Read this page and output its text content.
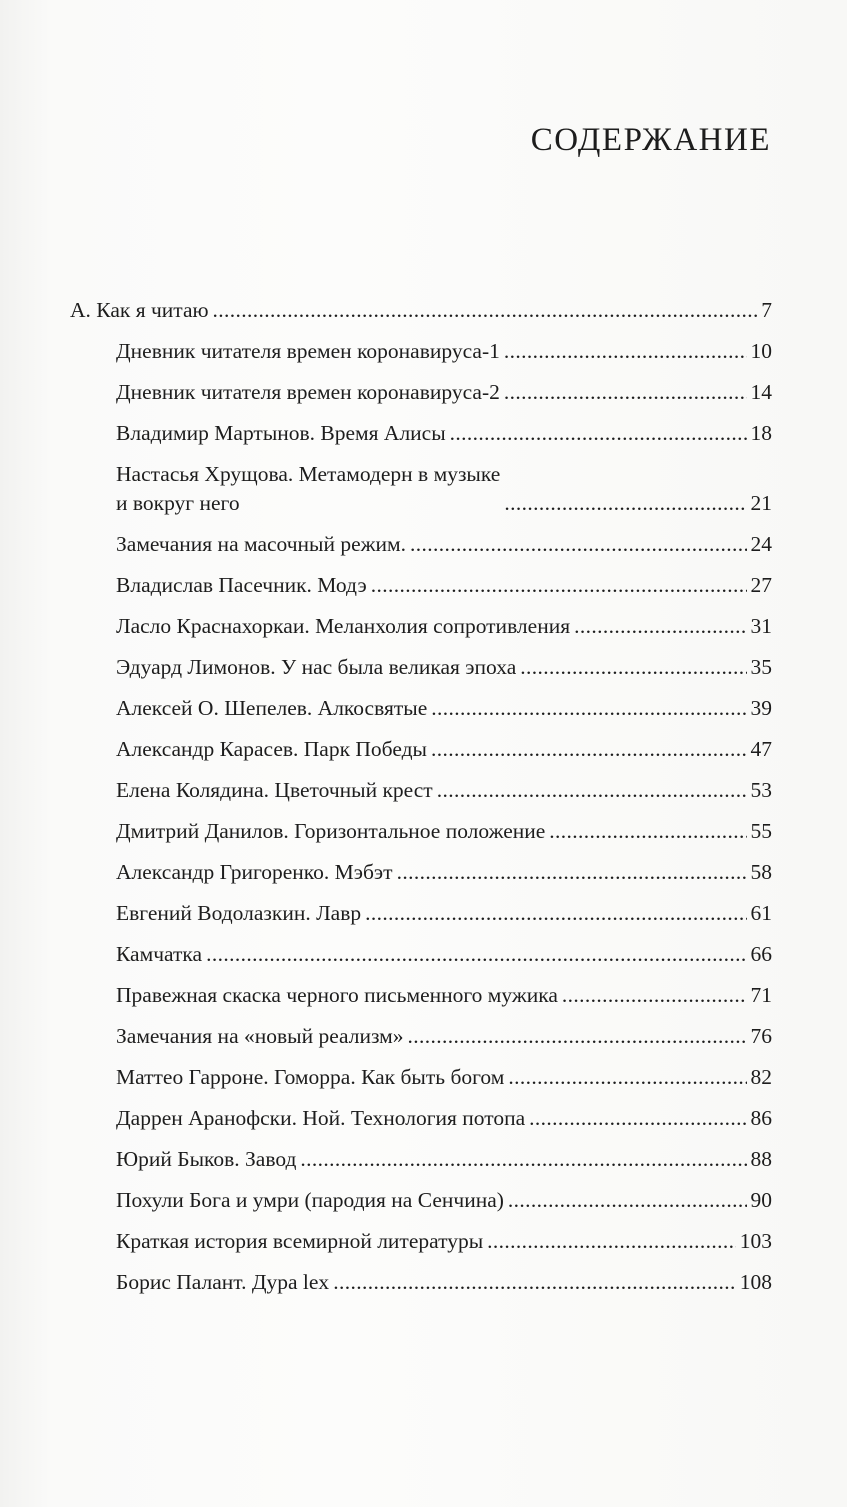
СОДЕРЖАНИЕ
А. Как я читаю . . .	7
Дневник читателя времен коронавируса-1 . . .	10
Дневник читателя времен коронавируса-2 . . .	14
Владимир Мартынов. Время Алисы . . .	18
Настасья Хрущова. Метамодерн в музыке
и вокруг него . . .	21
Замечания на масочный режим. . . .	24
Владислав Пасечник. Модэ . . .	27
Ласло Краснахоркаи. Меланхолия сопротивления . . .	31
Эдуард Лимонов. У нас была великая эпоха . . .	35
Алексей О. Шепелев. Алкосвятые . . .	39
Александр Карасев. Парк Победы . . .	47
Елена Колядина. Цветочный крест . . .	53
Дмитрий Данилов. Горизонтальное положение . . .	55
Александр Григоренко. Мэбэт . . .	58
Евгений Водолазкин. Лавр . . .	61
Камчатка . . .	66
Правежная скаска черного письменного мужика . . .	71
Замечания на «новый реализм» . . .	76
Маттео Гарроне. Гоморра. Как быть богом . . .	82
Даррен Аранофски. Ной. Технология потопа . . .	86
Юрий Быков. Завод . . .	88
Похули Бога и умри (пародия на Сенчина) . . .	90
Краткая история всемирной литературы . . .	103
Борис Палант. Дура lex . . .	108
